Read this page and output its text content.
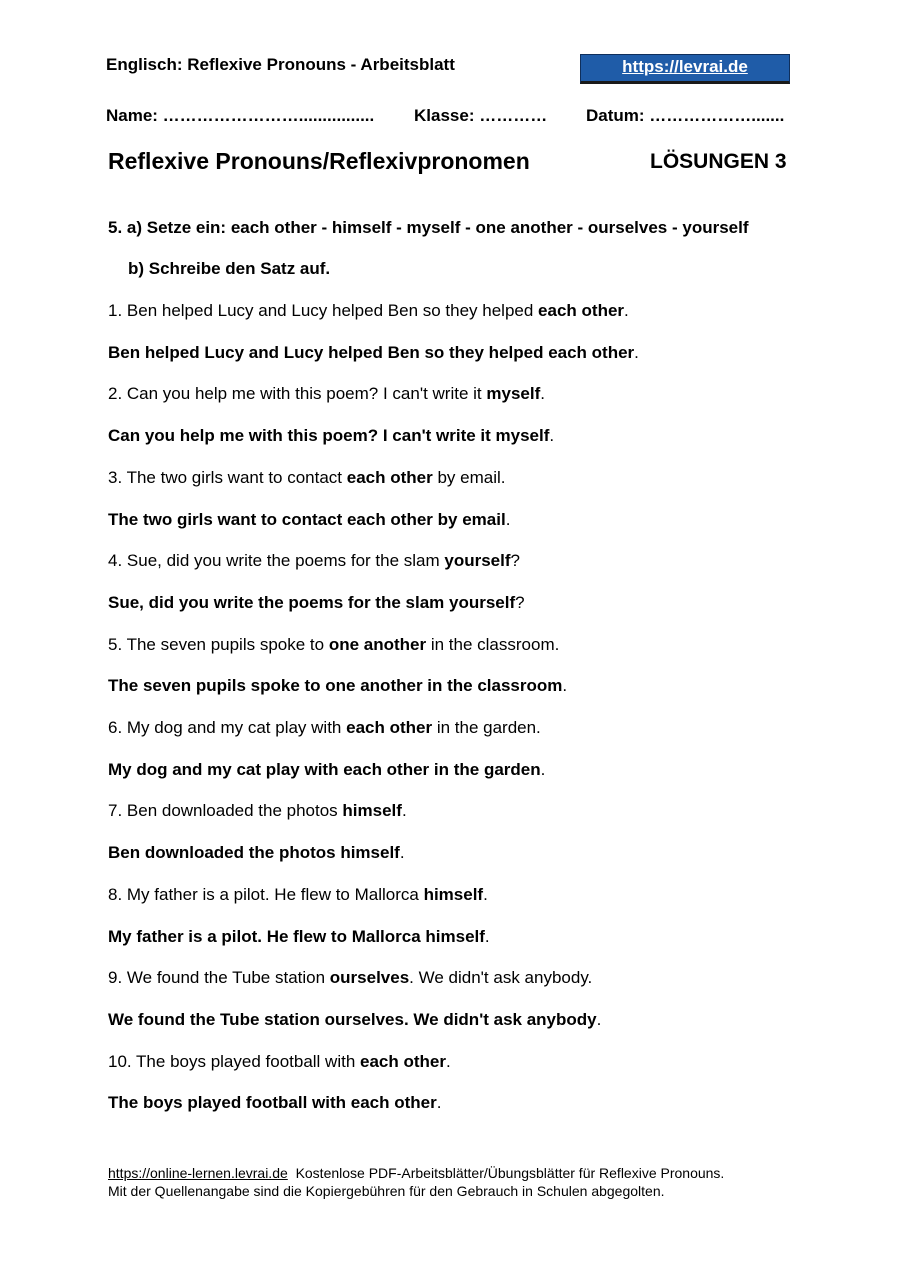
Englisch: Reflexive Pronouns - Arbeitsblatt	https://levrai.de
Name: ……………………................ Klasse: ………… Datum: ……………….......
Reflexive Pronouns/Reflexivpronomen	LÖSUNGEN 3
5. a) Setze ein: each other - himself - myself - one another - ourselves - yourself
b) Schreibe den Satz auf.
1. Ben helped Lucy and Lucy helped Ben so they helped each other.
Ben helped Lucy and Lucy helped Ben so they helped each other.
2. Can you help me with this poem? I can't write it myself.
Can you help me with this poem? I can't write it myself.
3. The two girls want to contact each other by email.
The two girls want to contact each other by email.
4. Sue, did you write the poems for the slam yourself?
Sue, did you write the poems for the slam yourself?
5. The seven pupils spoke to one another in the classroom.
The seven pupils spoke to one another in the classroom.
6. My dog and my cat play with each other in the garden.
My dog and my cat play with each other in the garden.
7. Ben downloaded the photos himself.
Ben downloaded the photos himself.
8. My father is a pilot. He flew to Mallorca himself.
My father is a pilot. He flew to Mallorca himself.
9. We found the Tube station ourselves. We didn't ask anybody.
We found the Tube station ourselves. We didn't ask anybody.
10. The boys played football with each other.
The boys played football with each other.
https://online-lernen.levrai.de Kostenlose PDF-Arbeitsblätter/Übungsblätter für Reflexive Pronouns.
Mit der Quellenangabe sind die Kopiergebühren für den Gebrauch in Schulen abgegolten.
